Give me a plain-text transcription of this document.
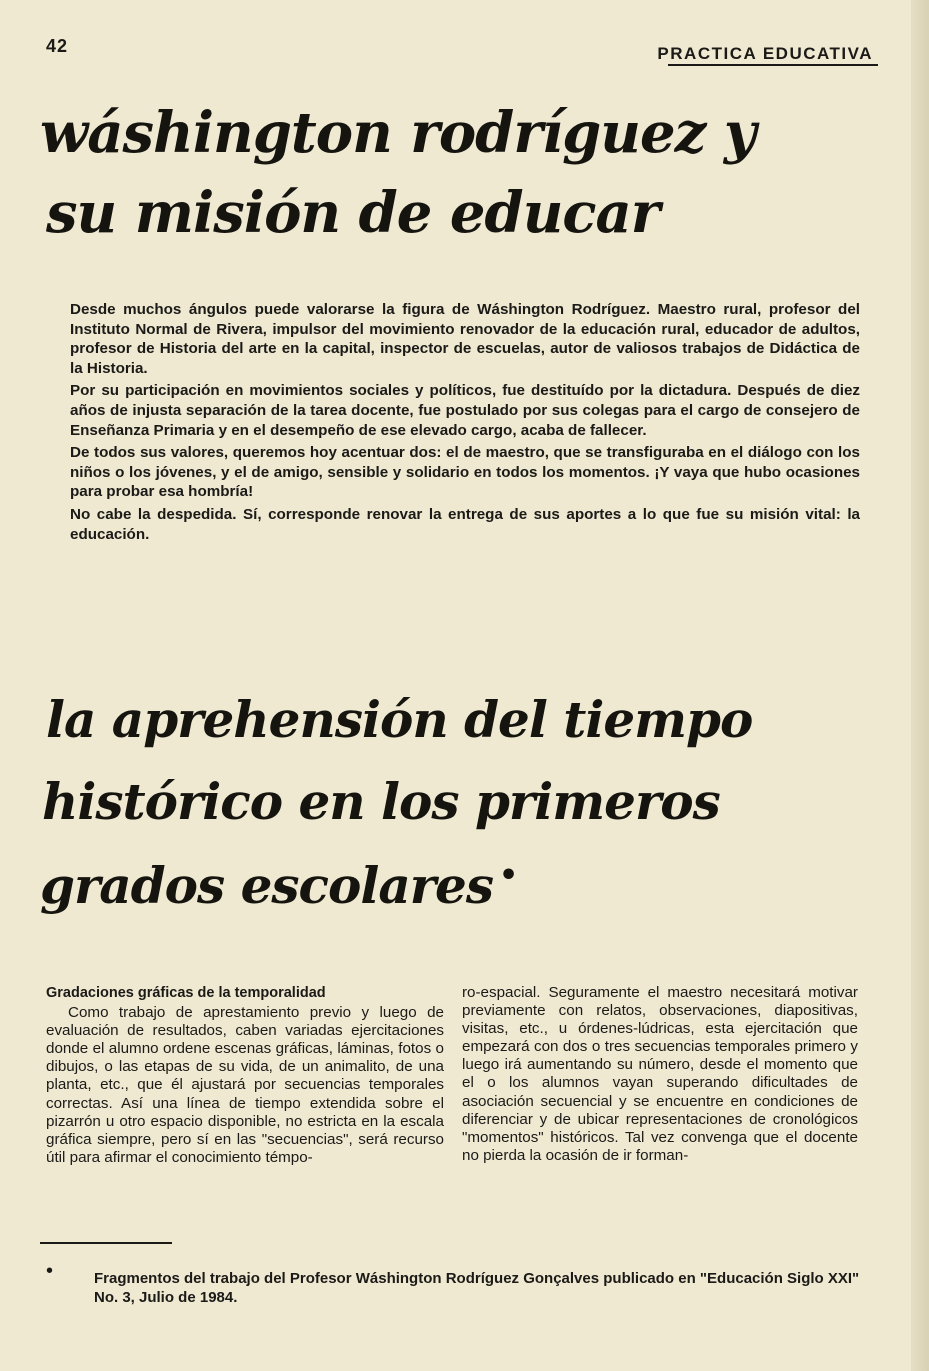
42	PRACTICA EDUCATIVA
wáshington rodríguez y
su misión de educar

Desde muchos ángulos puede valorarse la figura de Wáshington Rodríguez. Maestro rural, profesor del Instituto Normal de Rivera, impulsor del movimiento renovador de la educación rural, educador de adultos, profesor de Historia del arte en la capital, inspector de escuelas, autor de valiosos trabajos de Didáctica de la Historia.

Por su participación en movimientos sociales y políticos, fue destituído por la dictadura. Después de diez años de injusta separación de la tarea docente, fue postulado por sus colegas para el cargo de consejero de Enseñanza Primaria y en el desempeño de ese elevado cargo, acaba de fallecer.

De todos sus valores, queremos hoy acentuar dos: el de maestro, que se transfiguraba en el diálogo con los niños o los jóvenes, y el de amigo, sensible y solidario en todos los momentos. ¡Y vaya que hubo ocasiones para probar esa hombría!

No cabe la despedida. Sí, corresponde renovar la entrega de sus aportes a lo que fue su misión vital: la educación.

la aprehensión del tiempo
histórico en los primeros
grados escolares •

Gradaciones gráficas de la temporalidad

Como trabajo de aprestamiento previo y luego de evaluación de resultados, caben variadas ejercitaciones donde el alumno ordene escenas gráficas, láminas, fotos o dibujos, o las etapas de su vida, de un animalito, de una planta, etc., que él ajustará por secuencias temporales correctas. Así una línea de tiempo extendida sobre el pizarrón u otro espacio disponible, no estricta en la escala gráfica siempre, pero sí en las "secuencias", será recurso útil para afirmar el conocimiento témpo-

ro-espacial. Seguramente el maestro necesitará motivar previamente con relatos, observaciones, diapositivas, visitas, etc., u órdenes-lúdricas, esta ejercitación que empezará con dos o tres secuencias temporales primero y luego irá aumentando su número, desde el momento que el o los alumnos vayan superando dificultades de asociación secuencial y se encuentre en condiciones de diferenciar y de ubicar representaciones de cronológicos "momentos" históricos. Tal vez convenga que el docente no pierda la ocasión de ir forman-

•	Fragmentos del trabajo del Profesor Wáshington Rodríguez Gonçalves publicado en "Educación Siglo XXI" No. 3, Julio de 1984.
